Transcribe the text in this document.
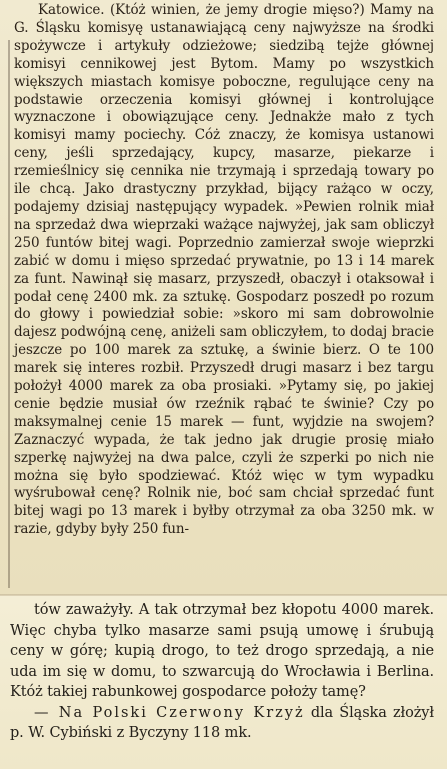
Katowice. (Któż winien, że jemy drogie mięso?) Mamy na G. Śląsku komisyę ustanawiającą ceny najwyższe na środki spożywcze i artykuły odzieżowe; siedzibą tejże głównej komisyi cennikowej jest Bytom. Mamy po wszystkich większych miastach komisye poboczne, regulujące ceny na podstawie orzeczenia komisyi głównej i kontrolujące wyznaczone i obowiązujące ceny. Jednakże mało z tych komisyi mamy pociechy. Cóż znaczy, że komisya ustanowi ceny, jeśli sprzedający, kupcy, masarze, piekarze i rzemieślnicy się cennika nie trzymają i sprzedają towary po ile chcą. Jako drastyczny przykład, bijący rażąco w oczy, podajemy dzisiaj następujący wypadek. »Pewien rolnik miał na sprzedaż dwa wieprzaki ważące najwyżej, jak sam obliczył 250 funtów bitej wagi. Poprzednio zamierzał swoje wieprzki zabić w domu i mięso sprzedać prywatnie, po 13 i 14 marek za funt. Nawinął się masarz, przyszedł, obaczył i otaksował i podał cenę 2400 mk. za sztukę. Gospodarz poszedł po rozum do głowy i powiedział sobie: »skoro mi sam dobrowolnie dajesz podwójną cenę, aniżeli sam obliczyłem, to dodaj bracie jeszcze po 100 marek za sztukę, a świnie bierz. O te 100 marek się interes rozbił. Przyszedł drugi masarz i bez targu położył 4000 marek za oba prosiaki. »Pytamy się, po jakiej cenie będzie musiał ów rzeźnik rąbać te świnie? Czy po maksymalnej cenie 15 marek — funt, wyjdzie na swojem? Zaznaczyć wypada, że tak jedno jak drugie prosię miało szperkę najwyżej na dwa palce, czyli że szperki po nich nie można się było spodziewać. Któż więc w tym wypadku wyśrubował cenę? Rolnik nie, boć sam chciał sprzedać funt bitej wagi po 13 marek i byłby otrzymał za oba 3250 mk. w razie, gdyby były 250 fun-

tów zaważyły. A tak otrzymał bez kłopotu 4000 marek. Więc chyba tylko masarze sami psują umowę i śrubują ceny w górę; kupią drogo, to też drogo sprzedają, a nie uda im się w domu, to szwarcują do Wrocławia i Berlina. Któż takiej rabunkowej gospodarce położy tamę?

— Na Polski Czerwony Krzyż dla Śląska złożył p. W. Cybiński z Byczyny 118 mk.
